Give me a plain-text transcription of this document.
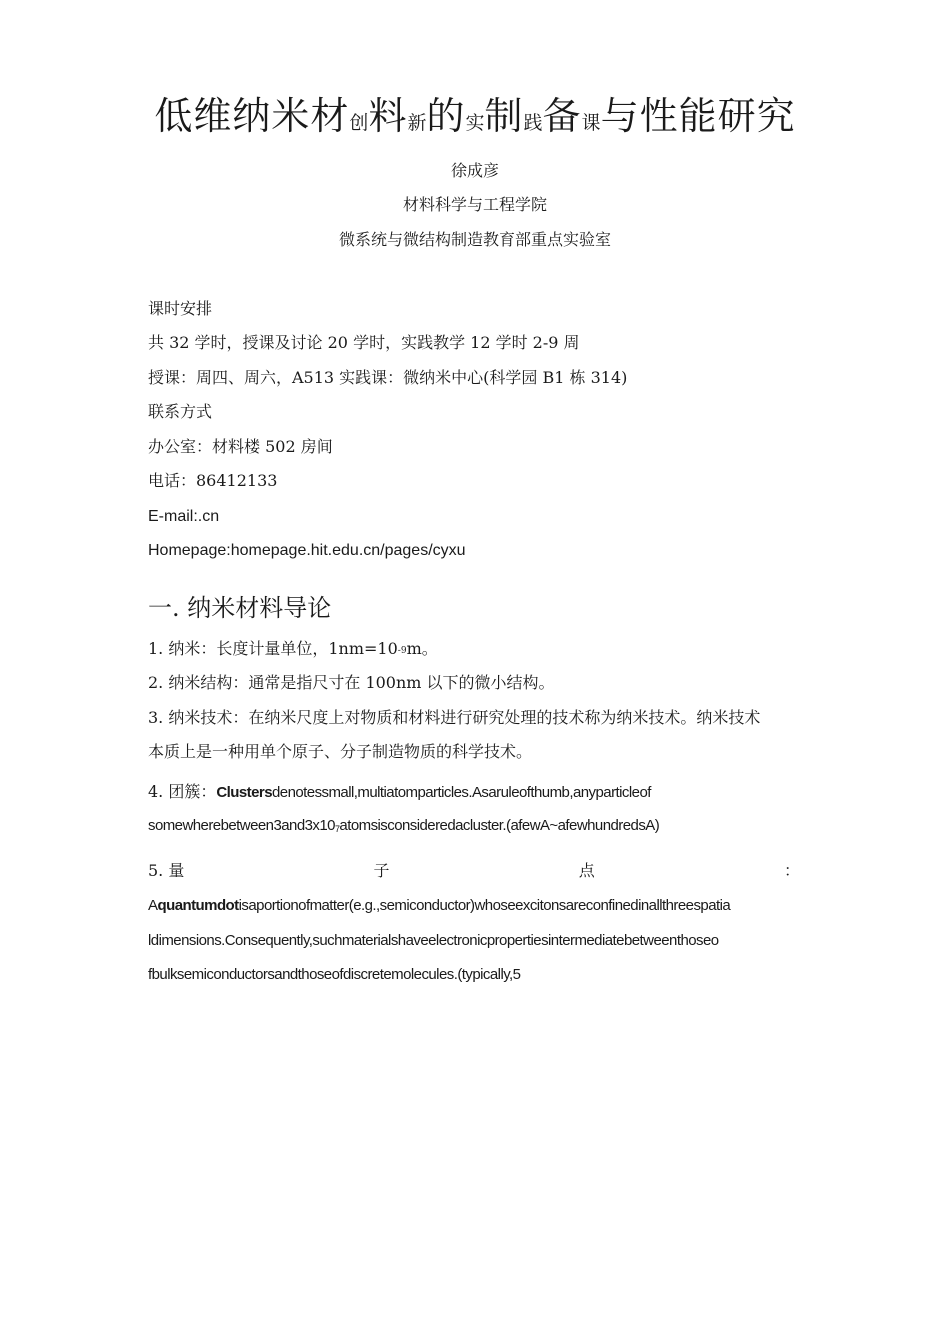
低维纳米材创料新的实制践备课与性能研究
徐成彦
材料科学与工程学院
微系统与微结构制造教育部重点实验室
课时安排
共 32 学时，授课及讨论 20 学时，实践教学 12 学时 2-9 周
授课：周四、周六，A513 实践课：微纳米中心(科学园 B1 栋 314)
联系方式
办公室：材料楼 502 房间
电话：86412133
E-mail:.cn
Homepage:homepage.hit.edu.cn/pages/cyxu
一. 纳米材料导论
1. 纳米：长度计量单位，$1nm=10^{-9}m$。
2. 纳米结构：通常是指尺寸在 100nm 以下的微小结构。
3. 纳米技术：在纳米尺度上对物质和材料进行研究处理的技术称为纳米技术。纳米技术
本质上是一种用单个原子、分子制造物质的科学技术。
4. 团簇：Clustersdenotessmall,multiatomparticles.Asaruleofthumb,anyparticleof
$somewherebetween3and3x10_7atomsisconsideredacluster.(afewA\sim afewhundredsA)$
5. 量	子	点	：
Aquantumdotisaportionofmatter(e.g.,semiconductor)whoseexcitonsareconfinedinallthreespatia
ldimensions.Consequently,suchmaterialshaveelectronicpropertiesintermediatebetweenthoseo
fbulksemiconductorsandthoseofdiscretemolecules.(typically,5
